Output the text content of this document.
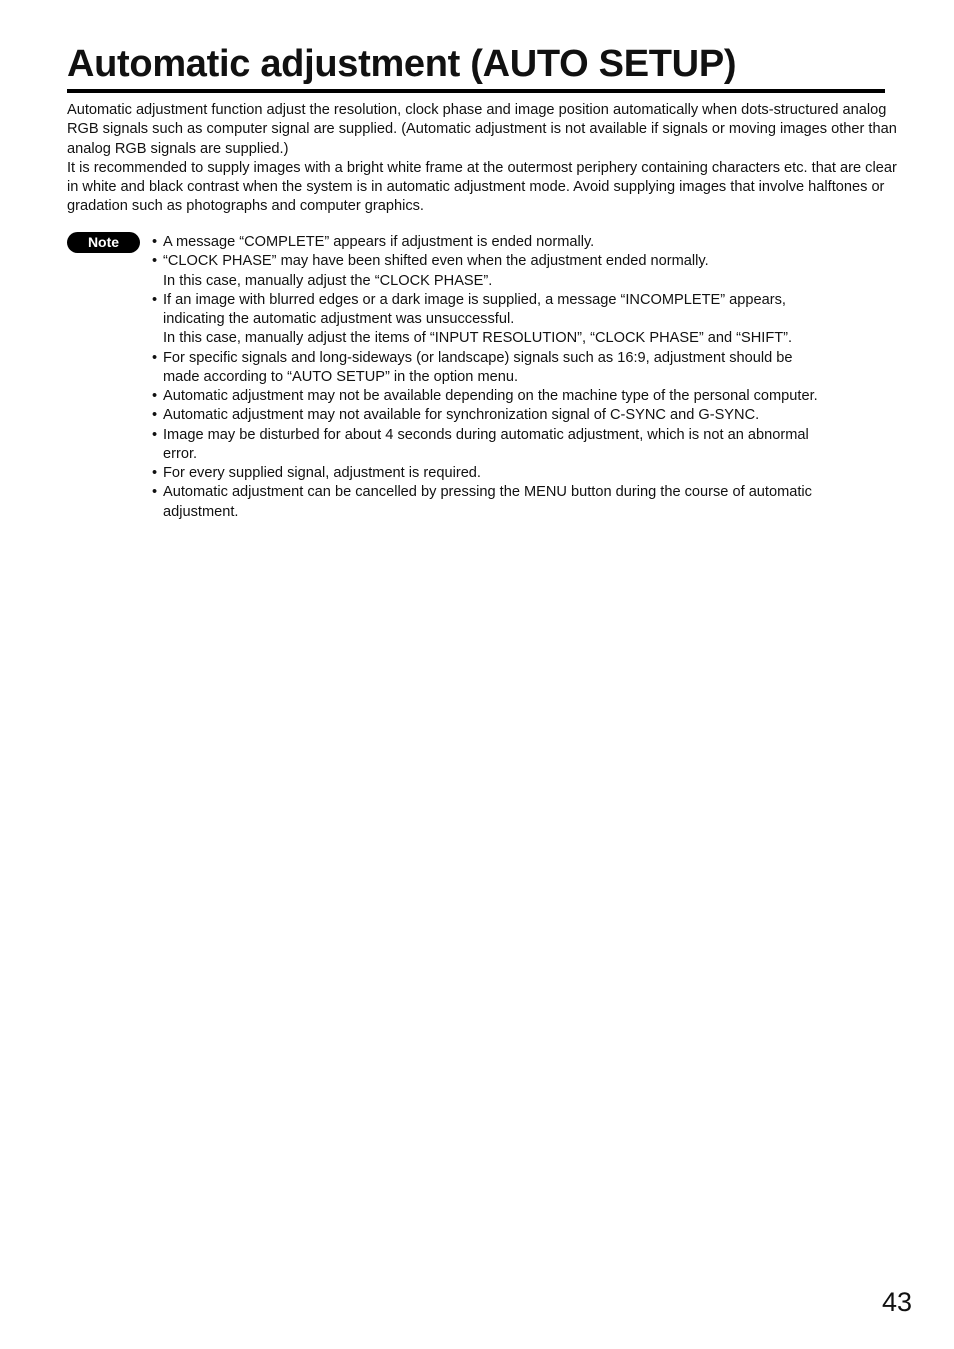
Automatic adjustment (AUTO SETUP)

Automatic adjustment function adjust the resolution, clock phase and image position automatically when dots-structured analog RGB signals such as computer signal are supplied. (Automatic adjustment is not available if signals or moving images other than analog RGB signals are supplied.)

It is recommended to supply images with a bright white frame at the outermost periphery containing characters etc. that are clear in white and black contrast when the system is in automatic adjustment mode. Avoid supplying images that involve halftones or gradation such as photographs and computer graphics.

Note	• A message “COMPLETE” appears if adjustment is ended normally.
• “CLOCK PHASE” may have been shifted even when the adjustment ended normally.
In this case, manually adjust the “CLOCK PHASE”.
• If an image with blurred edges or a dark image is supplied, a message “INCOMPLETE” appears,
indicating the automatic adjustment was unsuccessful.
In this case, manually adjust the items of “INPUT RESOLUTION”, “CLOCK PHASE” and “SHIFT”.
• For specific signals and long-sideways (or landscape) signals such as 16:9, adjustment should be
made according to “AUTO SETUP” in the option menu.
• Automatic adjustment may not be available depending on the machine type of the personal computer.
• Automatic adjustment may not available for synchronization signal of C-SYNC and G-SYNC.
• Image may be disturbed for about 4 seconds during automatic adjustment, which is not an abnormal
error.
• For every supplied signal, adjustment is required.
• Automatic adjustment can be cancelled by pressing the MENU button during the course of automatic
adjustment.
43
